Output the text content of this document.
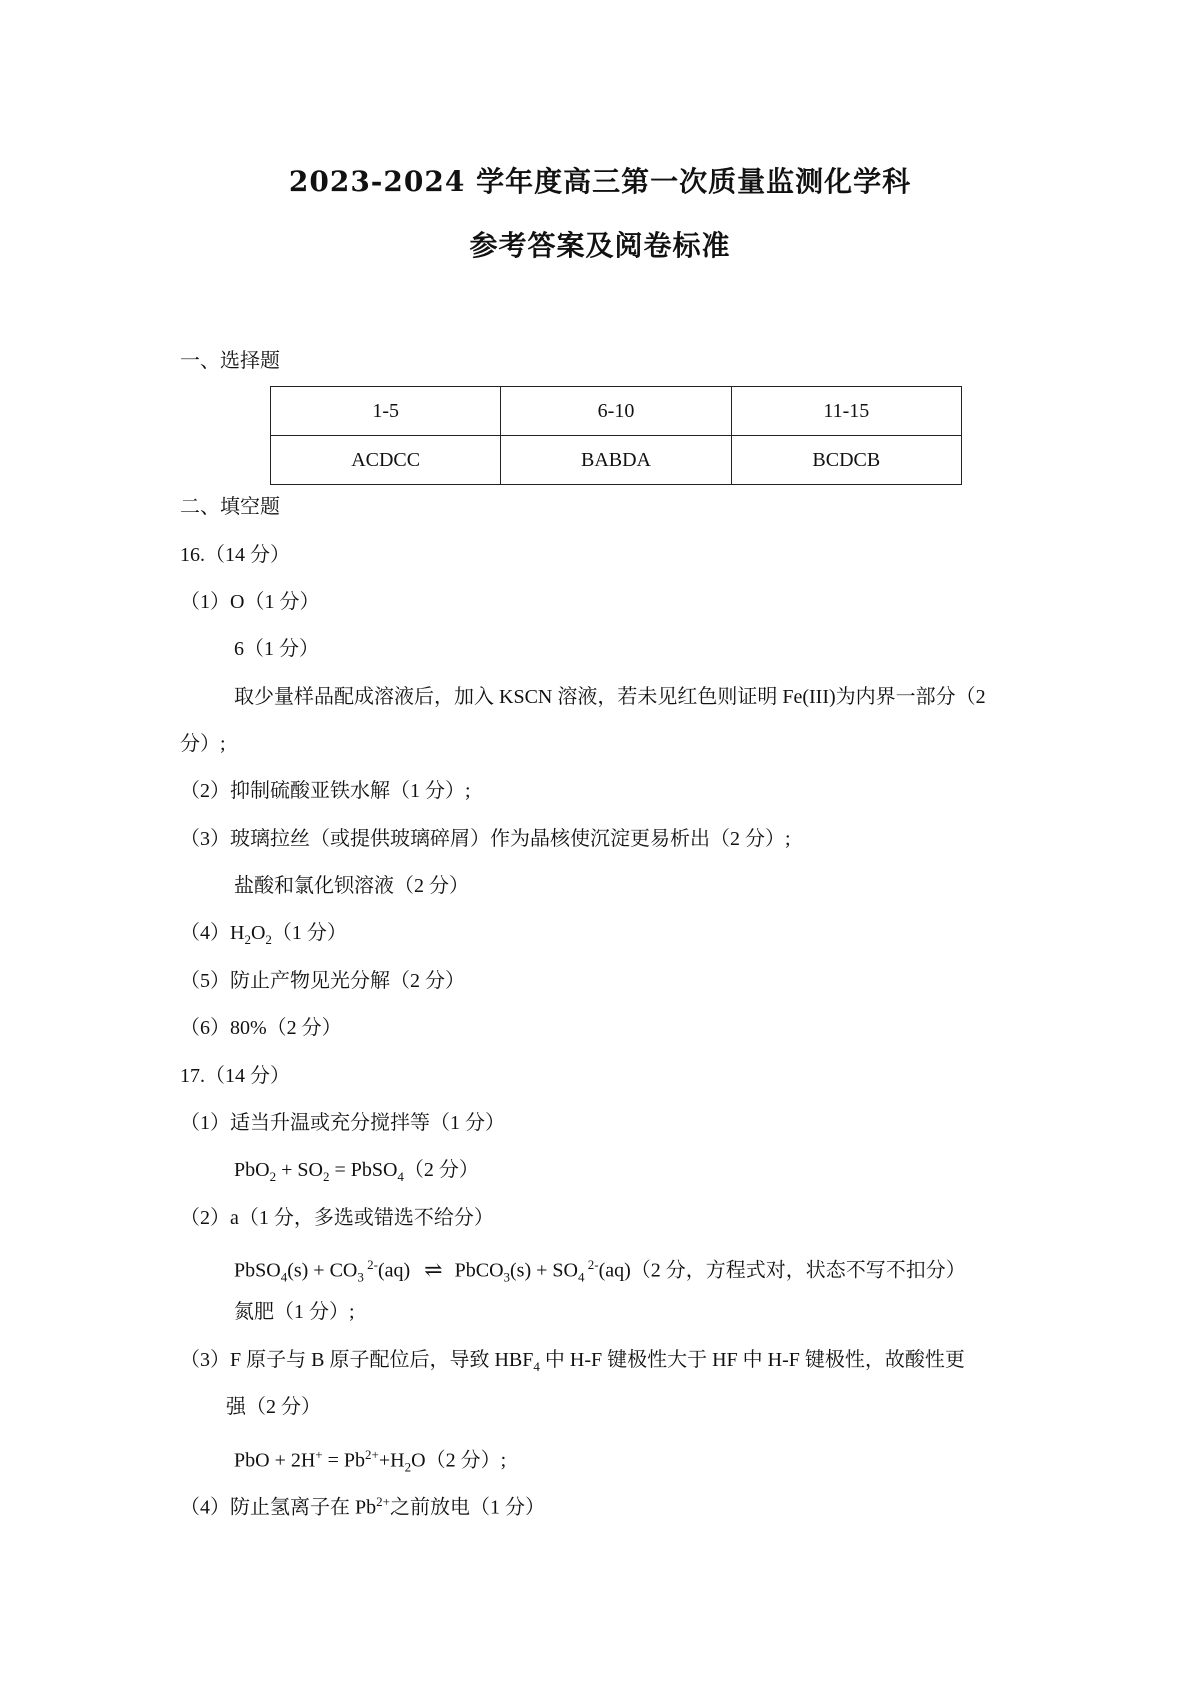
2023-2024 学年度高三第一次质量监测化学科
参考答案及阅卷标准
一、选择题
1-5	6-10	11-15
ACDCC	BABDA	BCDCB
二、填空题
16.（14 分）
（1）O（1 分）
6（1 分）
取少量样品配成溶液后，加入 KSCN 溶液，若未见红色则证明 Fe(III)为内界一部分（2
分）;
（2）抑制硫酸亚铁水解（1 分）;
（3）玻璃拉丝（或提供玻璃碎屑）作为晶核使沉淀更易析出（2 分）;
盐酸和氯化钡溶液（2 分）
$(4)H_2O_2(1$ 分）
（5）防止产物见光分解（2 分）
（6）80%（2 分）
17.（14 分）
（1）适当升温或充分搅拌等（1 分）
$PbO_2 + SO_2$ = PbSO$_4$（2 分）
（2）a（1 分，多选或错选不给分）
PbSO$_4$(s) + $CO_3$ $^{2-}$(aq) ⇌ PbCO$_3$(s) + $SO_4$ $^{2-}$(aq)（2 分，方程式对，状态不写不扣分）
氮肥（1 分）;
（3）F 原子与 B 原子配位后，导致 $HBF_4$ 中 H-F 键极性大于 HF 中 H-F 键极性，故酸性更
强（2 分）
PbO + $2H^+ = Pb^{2+}+H_2O(2$ 分）;
（4）防止氢离子在 $Pb^{2+}$之前放电（1 分）
